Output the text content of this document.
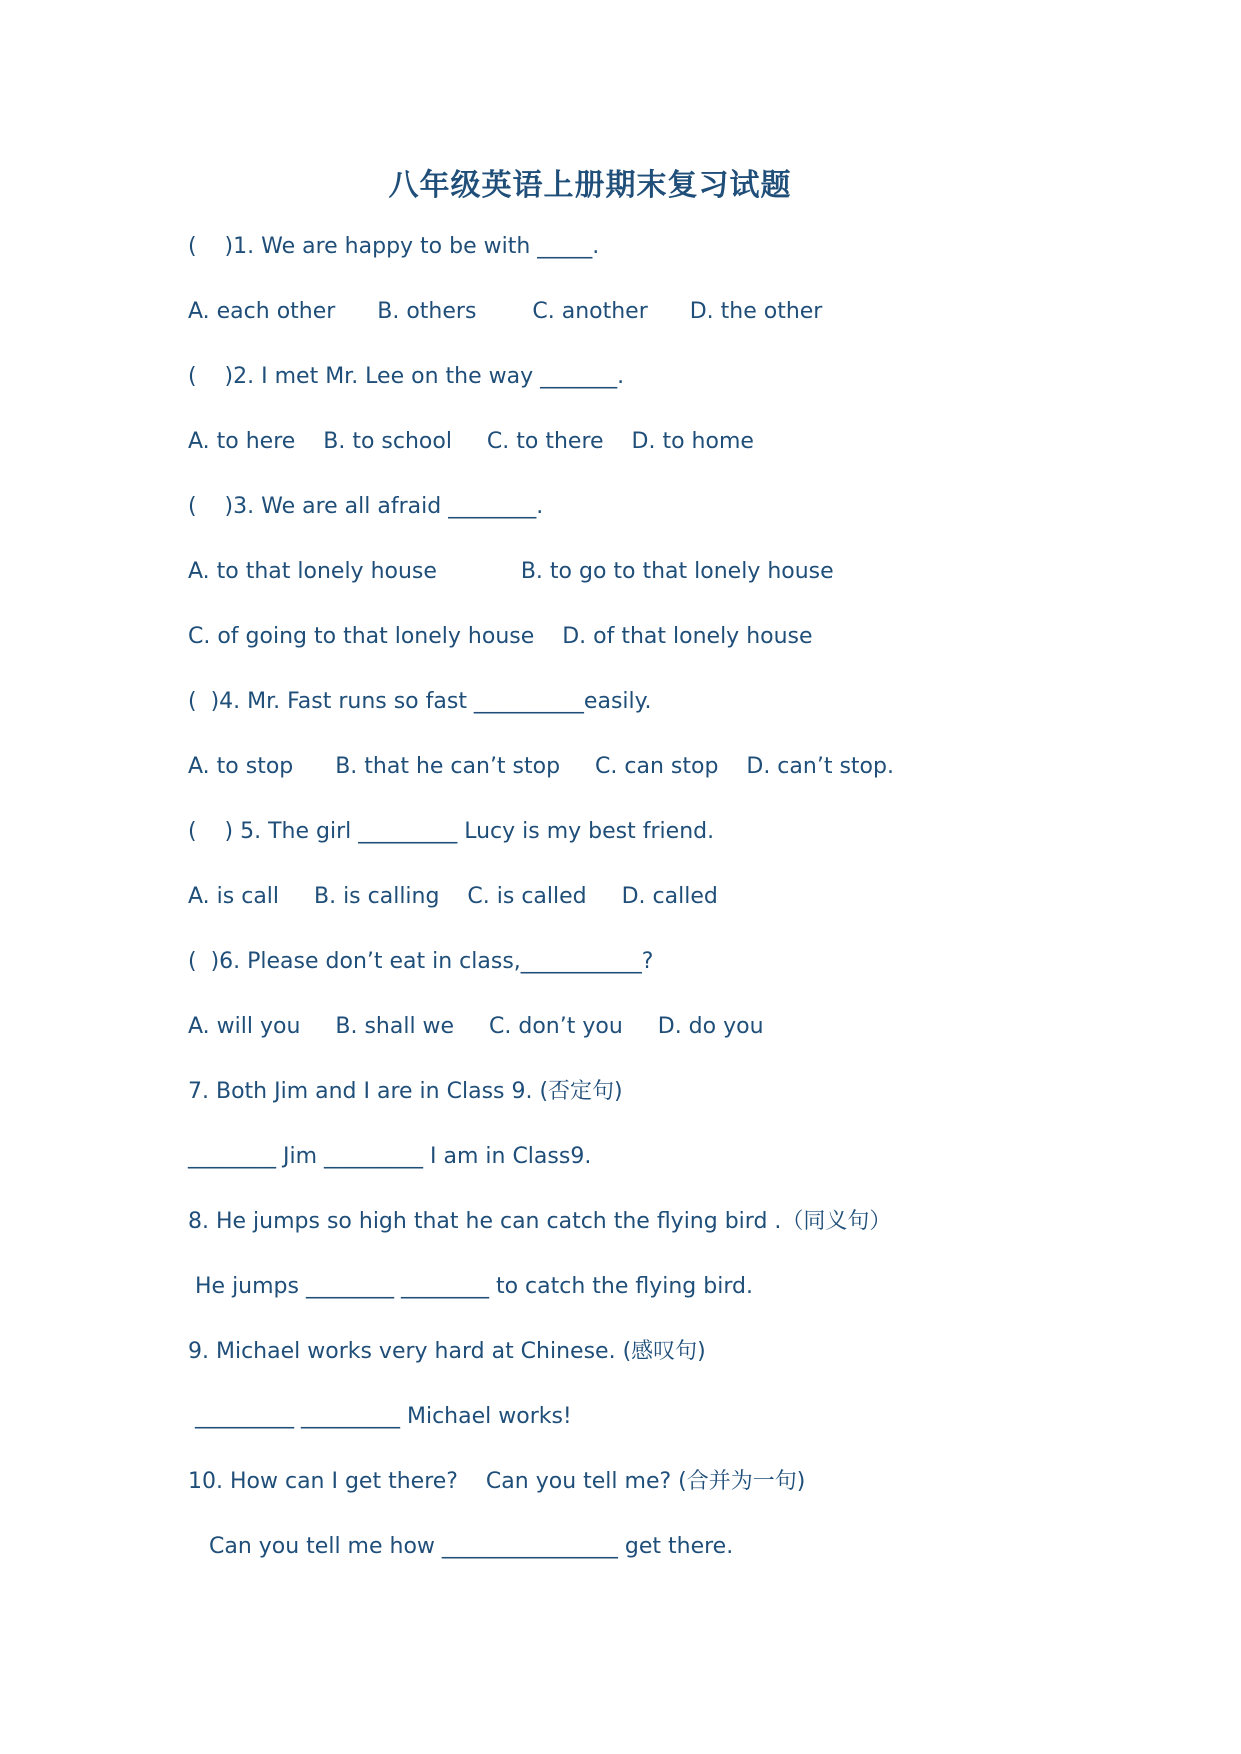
八年级英语上册期末复习试题
(    )1. We are happy to be with _____.
A. each other      B. others        C. another      D. the other
(    )2. I met Mr. Lee on the way _______.
A. to here    B. to school     C. to there    D. to home
(    )3. We are all afraid ________.
A. to that lonely house            B. to go to that lonely house
C. of going to that lonely house    D. of that lonely house
(  )4. Mr. Fast runs so fast __________easily.
A. to stop      B. that he can’t stop     C. can stop    D. can’t stop.
(    ) 5. The girl _________ Lucy is my best friend.
A. is call     B. is calling    C. is called     D. called
(  )6. Please don’t eat in class,___________?
A. will you     B. shall we     C. don’t you     D. do you
7. Both Jim and I are in Class 9. (否定句)
________ Jim _________ I am in Class9.
8. He jumps so high that he can catch the flying bird .（同义句）
He jumps ________ ________ to catch the flying bird.
9. Michael works very hard at Chinese. (感叹句)
_________ _________ Michael works!
10. How can I get there?    Can you tell me? (合并为一句)
Can you tell me how ________________ get there.
